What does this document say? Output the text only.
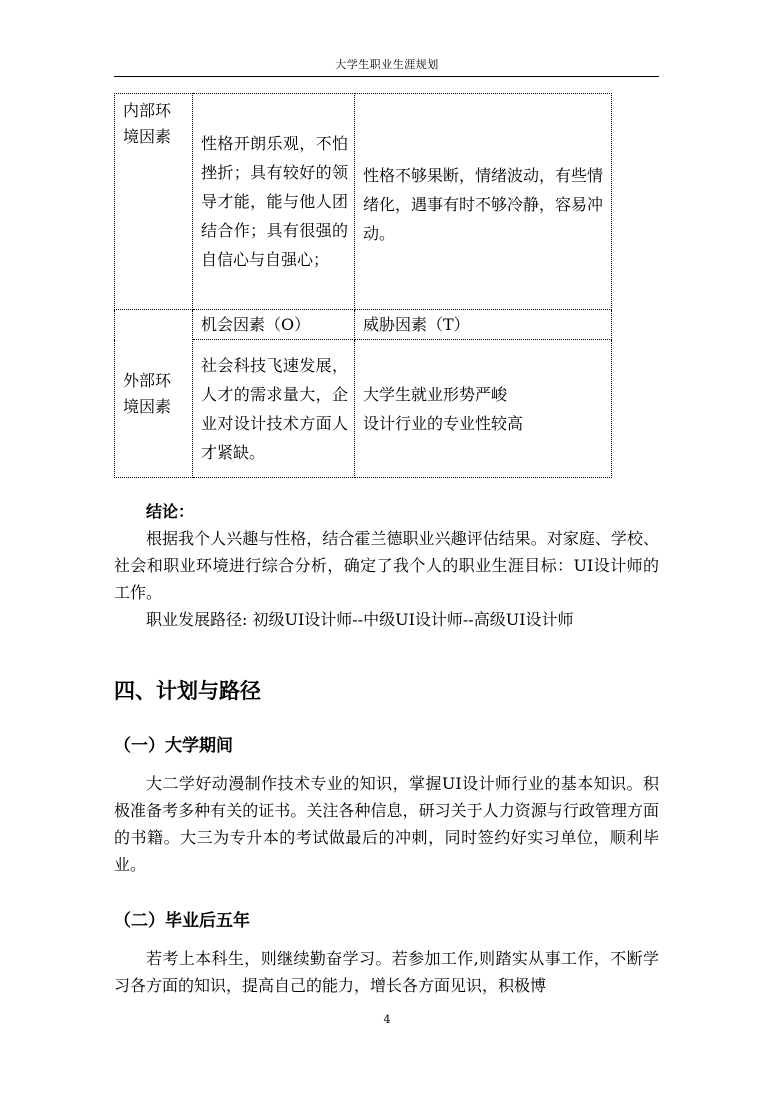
大学生职业生涯规划
内部环境因素	性格开朗乐观，不怕挫折；具有较好的领导才能，能与他人团结合作；具有很强的自信心与自强心；	性格不够果断，情绪波动，有些情绪化，遇事有时不够冷静，容易冲动。
外部环境因素	机会因素（O）	威胁因素（T）
	社会科技飞速发展，人才的需求量大，企业对设计技术方面人才紧缺。	大学生就业形势严峻
设计行业的专业性较高

结论：

根据我个人兴趣与性格，结合霍兰德职业兴趣评估结果。对家庭、学校、社会和职业环境进行综合分析，确定了我个人的职业生涯目标：UI设计师的工作。

职业发展路径: 初级UI设计师--中级UI设计师--高级UI设计师

四、计划与路径
（一）大学期间

大二学好动漫制作技术专业的知识，掌握UI设计师行业的基本知识。积极准备考多种有关的证书。关注各种信息，研习关于人力资源与行政管理方面的书籍。大三为专升本的考试做最后的冲刺，同时签约好实习单位，顺利毕业。

（二）毕业后五年

若考上本科生，则继续勤奋学习。若参加工作,则踏实从事工作，不断学习各方面的知识，提高自己的能力，增长各方面见识，积极博

4
